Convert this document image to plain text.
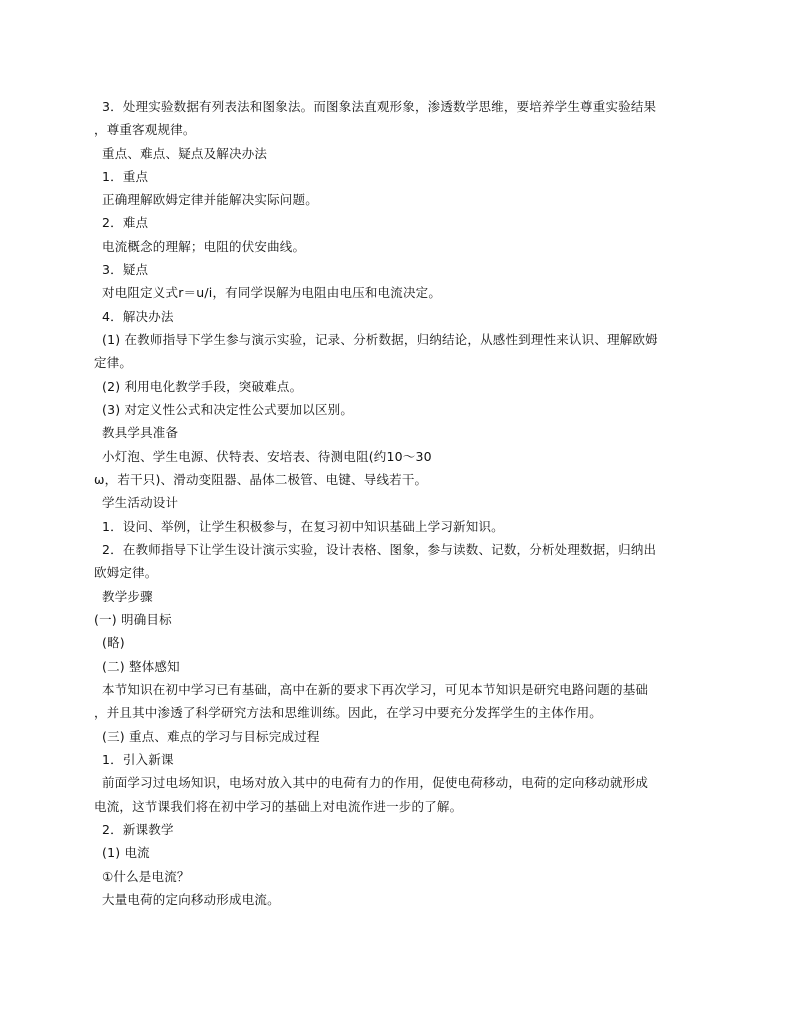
3．处理实验数据有列表法和图象法。而图象法直观形象，渗透数学思维，要培养学生尊重实验结果
，尊重客观规律。
重点、难点、疑点及解决办法
1．重点
正确理解欧姆定律并能解决实际问题。
2．难点
电流概念的理解；电阻的伏安曲线。
3．疑点
对电阻定义式r＝u/i，有同学误解为电阻由电压和电流决定。
4．解决办法
(1) 在教师指导下学生参与演示实验，记录、分析数据，归纳结论，从感性到理性来认识、理解欧姆
定律。
(2) 利用电化教学手段，突破难点。
(3) 对定义性公式和决定性公式要加以区别。
教具学具准备
小灯泡、学生电源、伏特表、安培表、待测电阻(约10～30
ω，若干只)、滑动变阻器、晶体二极管、电键、导线若干。
学生活动设计
1．设问、举例，让学生积极参与，在复习初中知识基础上学习新知识。
2．在教师指导下让学生设计演示实验，设计表格、图象，参与读数、记数，分析处理数据，归纳出
欧姆定律。
教学步骤
(一) 明确目标
(略)
(二) 整体感知
本节知识在初中学习已有基础，高中在新的要求下再次学习，可见本节知识是研究电路问题的基础
，并且其中渗透了科学研究方法和思维训练。因此，在学习中要充分发挥学生的主体作用。
(三) 重点、难点的学习与目标完成过程
1．引入新课
前面学习过电场知识，电场对放入其中的电荷有力的作用，促使电荷移动，电荷的定向移动就形成
电流，这节课我们将在初中学习的基础上对电流作进一步的了解。
2．新课教学
(1) 电流
①什么是电流？
大量电荷的定向移动形成电流。
